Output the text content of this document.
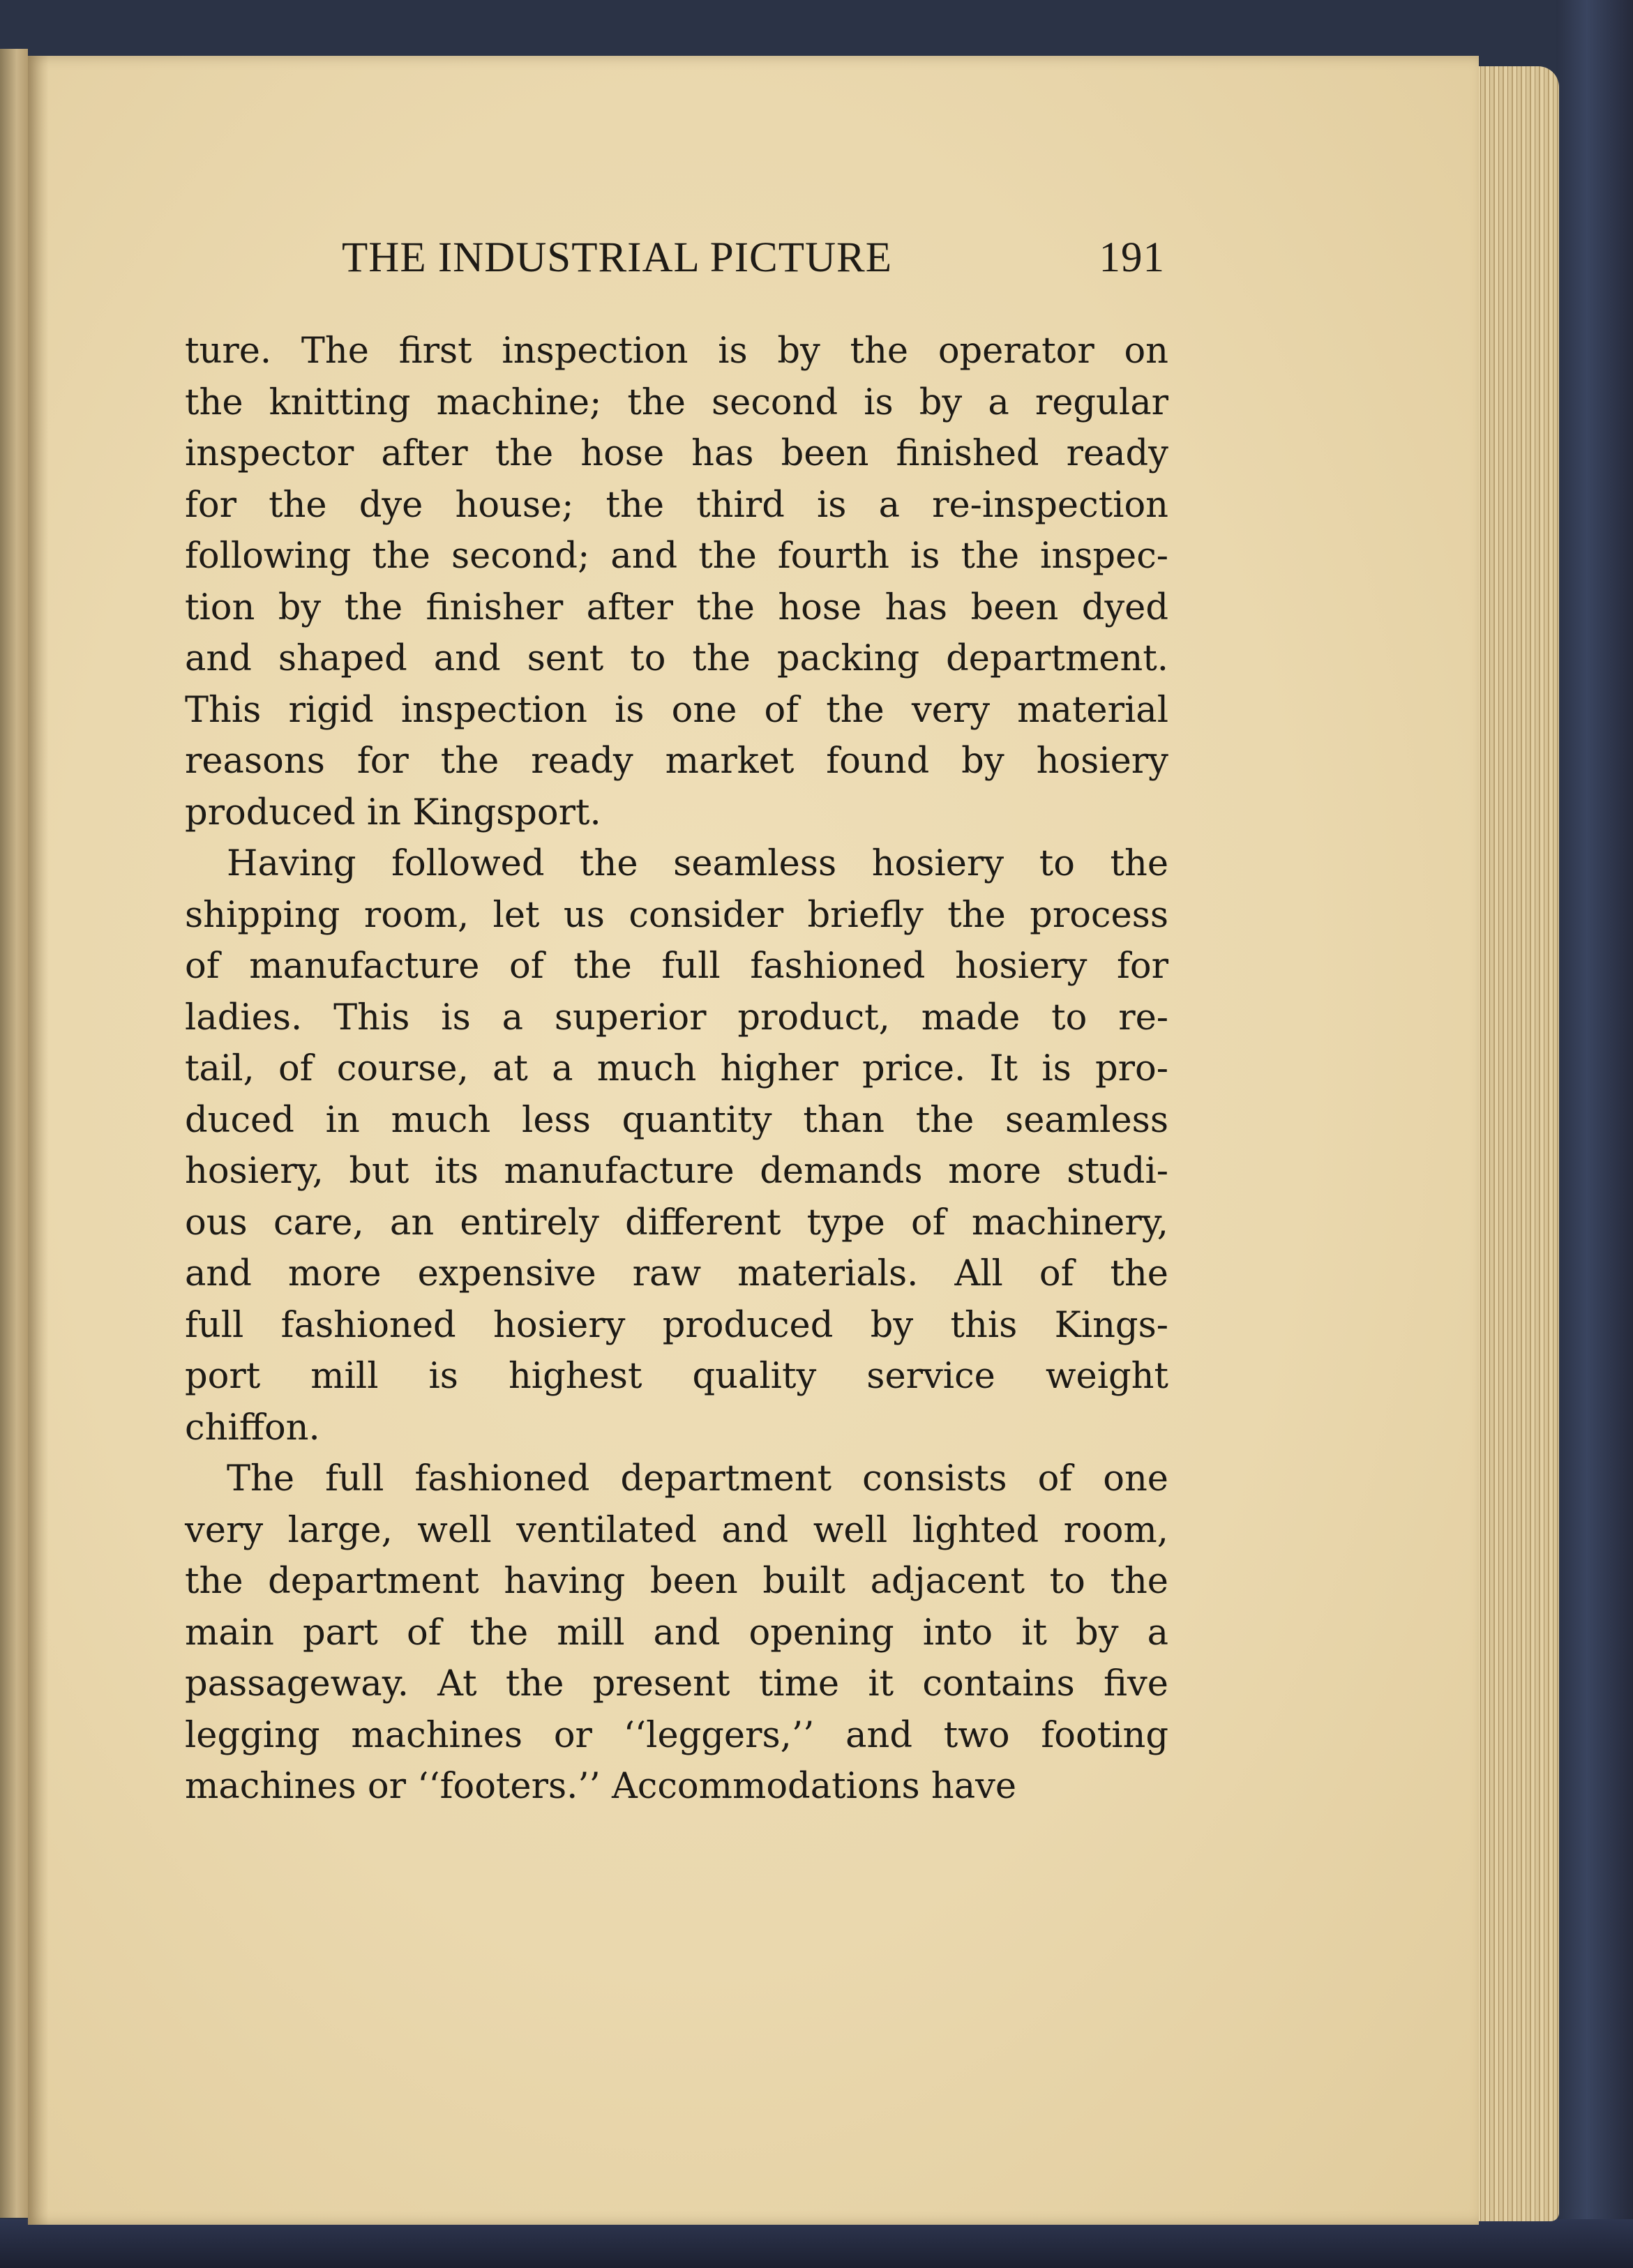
THE INDUSTRIAL PICTURE	191
ture. The first inspection is by the operator on
the knitting machine; the second is by a regular
inspector after the hose has been finished ready
for the dye house; the third is a re-inspection
following the second; and the fourth is the inspec-
tion by the finisher after the hose has been dyed
and shaped and sent to the packing department.
This rigid inspection is one of the very material
reasons for the ready market found by hosiery
produced in Kingsport.
Having followed the seamless hosiery to the
shipping room, let us consider briefly the process
of manufacture of the full fashioned hosiery for
ladies. This is a superior product, made to re-
tail, of course, at a much higher price. It is pro-
duced in much less quantity than the seamless
hosiery, but its manufacture demands more studi-
ous care, an entirely different type of machinery,
and more expensive raw materials. All of the
full fashioned hosiery produced by this Kings-
port mill is highest quality service weight
chiffon.
The full fashioned department consists of one
very large, well ventilated and well lighted room,
the department having been built adjacent to the
main part of the mill and opening into it by a
passageway. At the present time it contains five
legging machines or ‘‘leggers,’’ and two footing
machines or ‘‘footers.’’ Accommodations have
